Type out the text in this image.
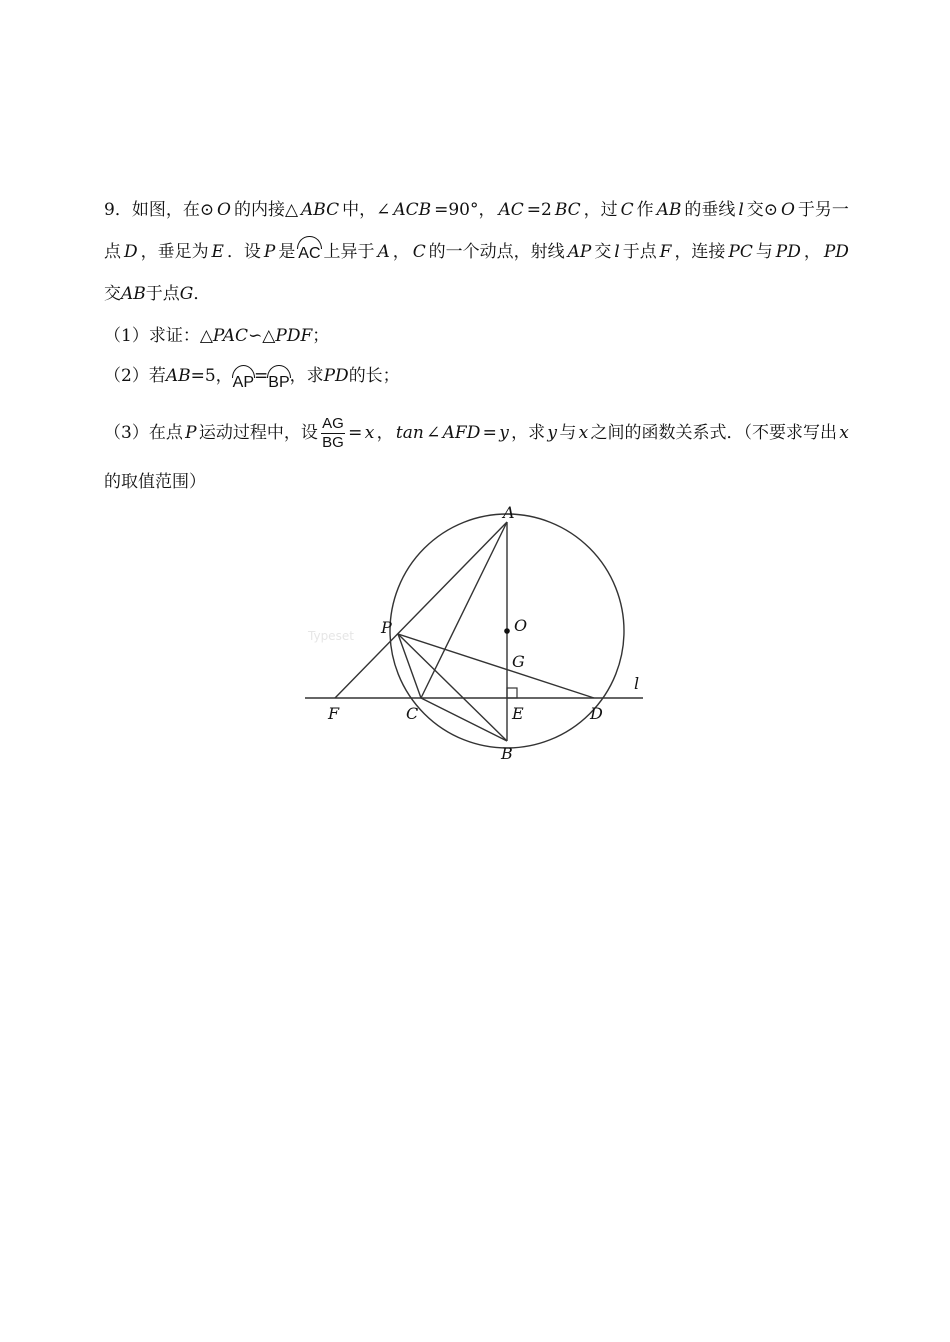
9．如图，在⊙ O 的内接△ ABC 中，∠ ACB =90°， AC =2 BC ，过 C 作 AB 的垂线 l 交⊙ O 于另一
点 D ，垂足为 E ．设 P 是 AC 上异于 A ， C 的一个动点，射线 AP 交 l 于点 F ，连接 PC 与 PD ， PD
交AB于点G．
（1）求证：△PAC∽△PDF；
（2）若AB=5，AP=BP，求PD的长；
（3）在点 P 运动过程中，设 $\frac{AG}{BG} = x$ ， tan ∠ AFD = y ，求 y 与 x 之间的函数关系式．（不要求写出 x
的取值范围）
Typeset
A
O
P
G
l
F	C	E	D
B
